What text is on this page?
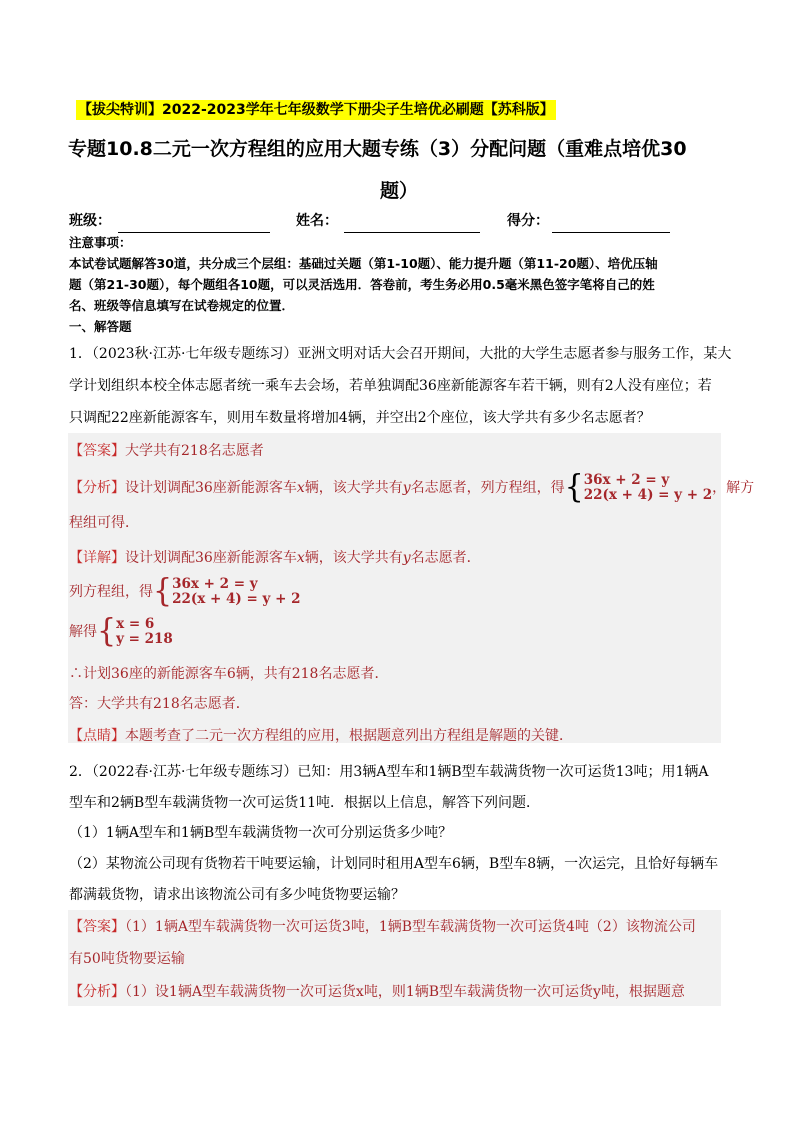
【拔尖特训】2022-2023学年七年级数学下册尖子生培优必刷题【苏科版】
专题10.8二元一次方程组的应用大题专练（3）分配问题（重难点培优30
题）
班级：	姓名：	得分：
注意事项：
本试卷试题解答30道，共分成三个层组：基础过关题（第1-10题）、能力提升题（第11-20题）、培优压轴
题（第21-30题），每个题组各10题，可以灵活选用．答卷前，考生务必用0.5毫米黑色签字笔将自己的姓
名、班级等信息填写在试卷规定的位置．
一、解答题
1．（2023秋·江苏·七年级专题练习）亚洲文明对话大会召开期间，大批的大学生志愿者参与服务工作，某大
学计划组织本校全体志愿者统一乘车去会场，若单独调配36座新能源客车若干辆，则有2人没有座位；若
只调配22座新能源客车，则用车数量将增加4辆，并空出2个座位，该大学共有多少名志愿者？
【答案】大学共有218名志愿者
【分析】设计划调配36座新能源客车x辆，该大学共有y名志愿者，列方程组，得{ 36x + 2 = y
22(x + 4) = y + 2 ，解方
程组可得．
【详解】设计划调配36座新能源客车x辆，该大学共有y名志愿者．
列方程组，得{ 36x + 2 = y
22(x + 4) = y + 2
解得{ x = 6
y = 218
∴计划36座的新能源客车6辆，共有218名志愿者．
答：大学共有218名志愿者．
【点睛】本题考查了二元一次方程组的应用，根据题意列出方程组是解题的关键．
2．（2022春·江苏·七年级专题练习）已知：用3辆A型车和1辆B型车载满货物一次可运货13吨；用1辆A
型车和2辆B型车载满货物一次可运货11吨．根据以上信息，解答下列问题．
（1）1辆A型车和1辆B型车载满货物一次可分别运货多少吨？
（2）某物流公司现有货物若干吨要运输，计划同时租用A型车6辆，B型车8辆，一次运完，且恰好每辆车
都满载货物，请求出该物流公司有多少吨货物要运输？
【答案】（1）1辆A型车载满货物一次可运货3吨，1辆B型车载满货物一次可运货4吨（2）该物流公司
有50吨货物要运输
【分析】（1）设1辆A型车载满货物一次可运货x吨，则1辆B型车载满货物一次可运货y吨，根据题意
